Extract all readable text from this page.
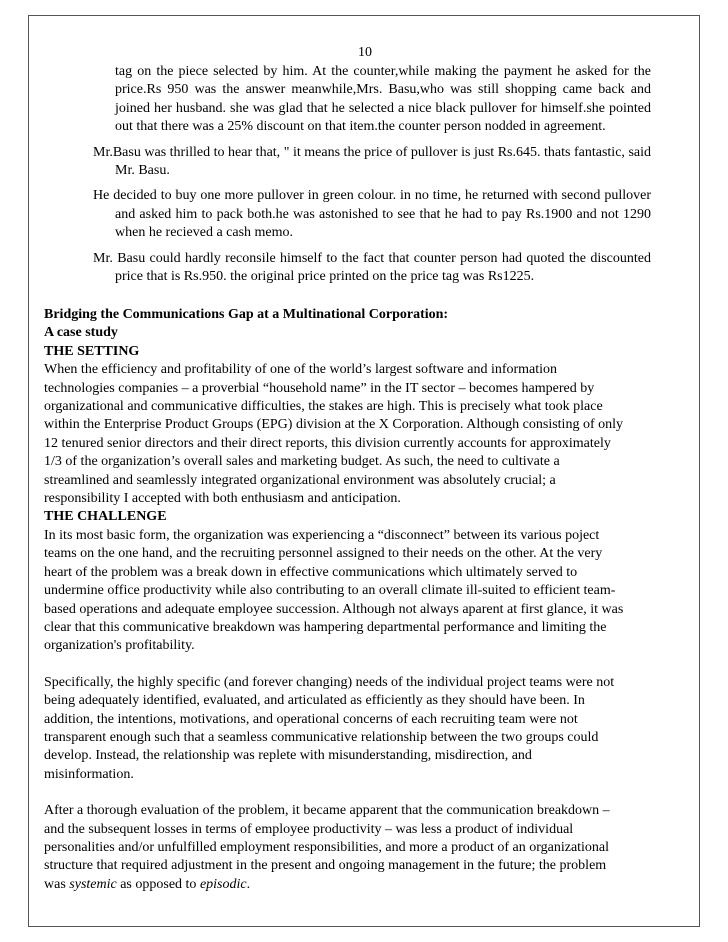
10

tag on the piece selected by him. At the counter,while making the payment he asked for the price.Rs 950 was the answer meanwhile,Mrs. Basu,who was still shopping came back and joined her husband. she was glad that he selected a nice black pullover for himself.she pointed out that there was a 25% discount on that item.the counter person nodded in agreement.

Mr.Basu was thrilled to hear that, " it means the price of pullover is just Rs.645. thats fantastic, said Mr. Basu.

He decided to buy one more pullover in green colour. in no time, he returned with second pullover and asked him to pack both.he was astonished to see that he had to pay Rs.1900 and not 1290 when he recieved a cash memo.

Mr. Basu could hardly reconsile himself to the fact that counter person had quoted the discounted price that is Rs.950. the original price printed on the price tag was Rs1225.

Bridging the Communications Gap at a Multinational Corporation:
A case study
THE SETTING

When the efficiency and profitability of one of the world’s largest software and information technologies companies – a proverbial “household name” in the IT sector – becomes hampered by organizational and communicative difficulties, the stakes are high. This is precisely what took place within the Enterprise Product Groups (EPG) division at the X Corporation. Although consisting of only 12 tenured senior directors and their direct reports, this division currently accounts for approximately 1/3 of the organization’s overall sales and marketing budget. As such, the need to cultivate a streamlined and seamlessly integrated organizational environment was absolutely crucial; a responsibility I accepted with both enthusiasm and anticipation.

THE CHALLENGE

In its most basic form, the organization was experiencing a “disconnect” between its various poject teams on the one hand, and the recruiting personnel assigned to their needs on the other. At the very heart of the problem was a break down in effective communications which ultimately served to undermine office productivity while also contributing to an overall climate ill-suited to efficient team-based operations and adequate employee succession. Although not always aparent at first glance, it was clear that this communicative breakdown was hampering departmental performance and limiting the organization's profitability.

Specifically, the highly specific (and forever changing) needs of the individual project teams were not being adequately identified, evaluated, and articulated as efficiently as they should have been. In addition, the intentions, motivations, and operational concerns of each recruiting team were not transparent enough such that a seamless communicative relationship between the two groups could develop. Instead, the relationship was replete with misunderstanding, misdirection, and misinformation.

After a thorough evaluation of the problem, it became apparent that the communication breakdown – and the subsequent losses in terms of employee productivity – was less a product of individual personalities and/or unfulfilled employment responsibilities, and more a product of an organizational structure that required adjustment in the present and ongoing management in the future; the problem was systemic as opposed to episodic.
